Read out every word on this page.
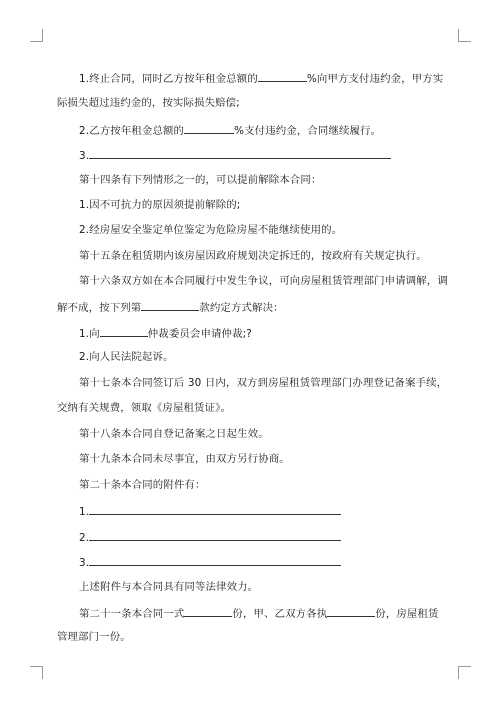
1.终止合同，同时乙方按年租金总额的	%向甲方支付违约金，甲方实
际损失超过违约金的，按实际损失赔偿;
2.乙方按年租金总额的	%支付违约金，合同继续履行。
3.
第十四条有下列情形之一的，可以提前解除本合同：
1.因不可抗力的原因须提前解除的;
2.经房屋安全鉴定单位鉴定为危险房屋不能继续使用的。
第十五条在租赁期内该房屋因政府规划决定拆迁的，按政府有关规定执行。
第十六条双方如在本合同履行中发生争议，可向房屋租赁管理部门申请调解，调
解不成，按下列第	款约定方式解决：
1.向	仲裁委员会申请仲裁;?
2.向人民法院起诉。
第十七条本合同签订后 30 日内，双方到房屋租赁管理部门办理登记备案手续，
交纳有关规费，领取《房屋租赁证》。
第十八条本合同自登记备案之日起生效。
第十九条本合同未尽事宜，由双方另行协商。
第二十条本合同的附件有：
1.
2.
3.
上述附件与本合同具有同等法律效力。
第二十一条本合同一式	份，甲、乙双方各执	份，房屋租赁
管理部门一份。
